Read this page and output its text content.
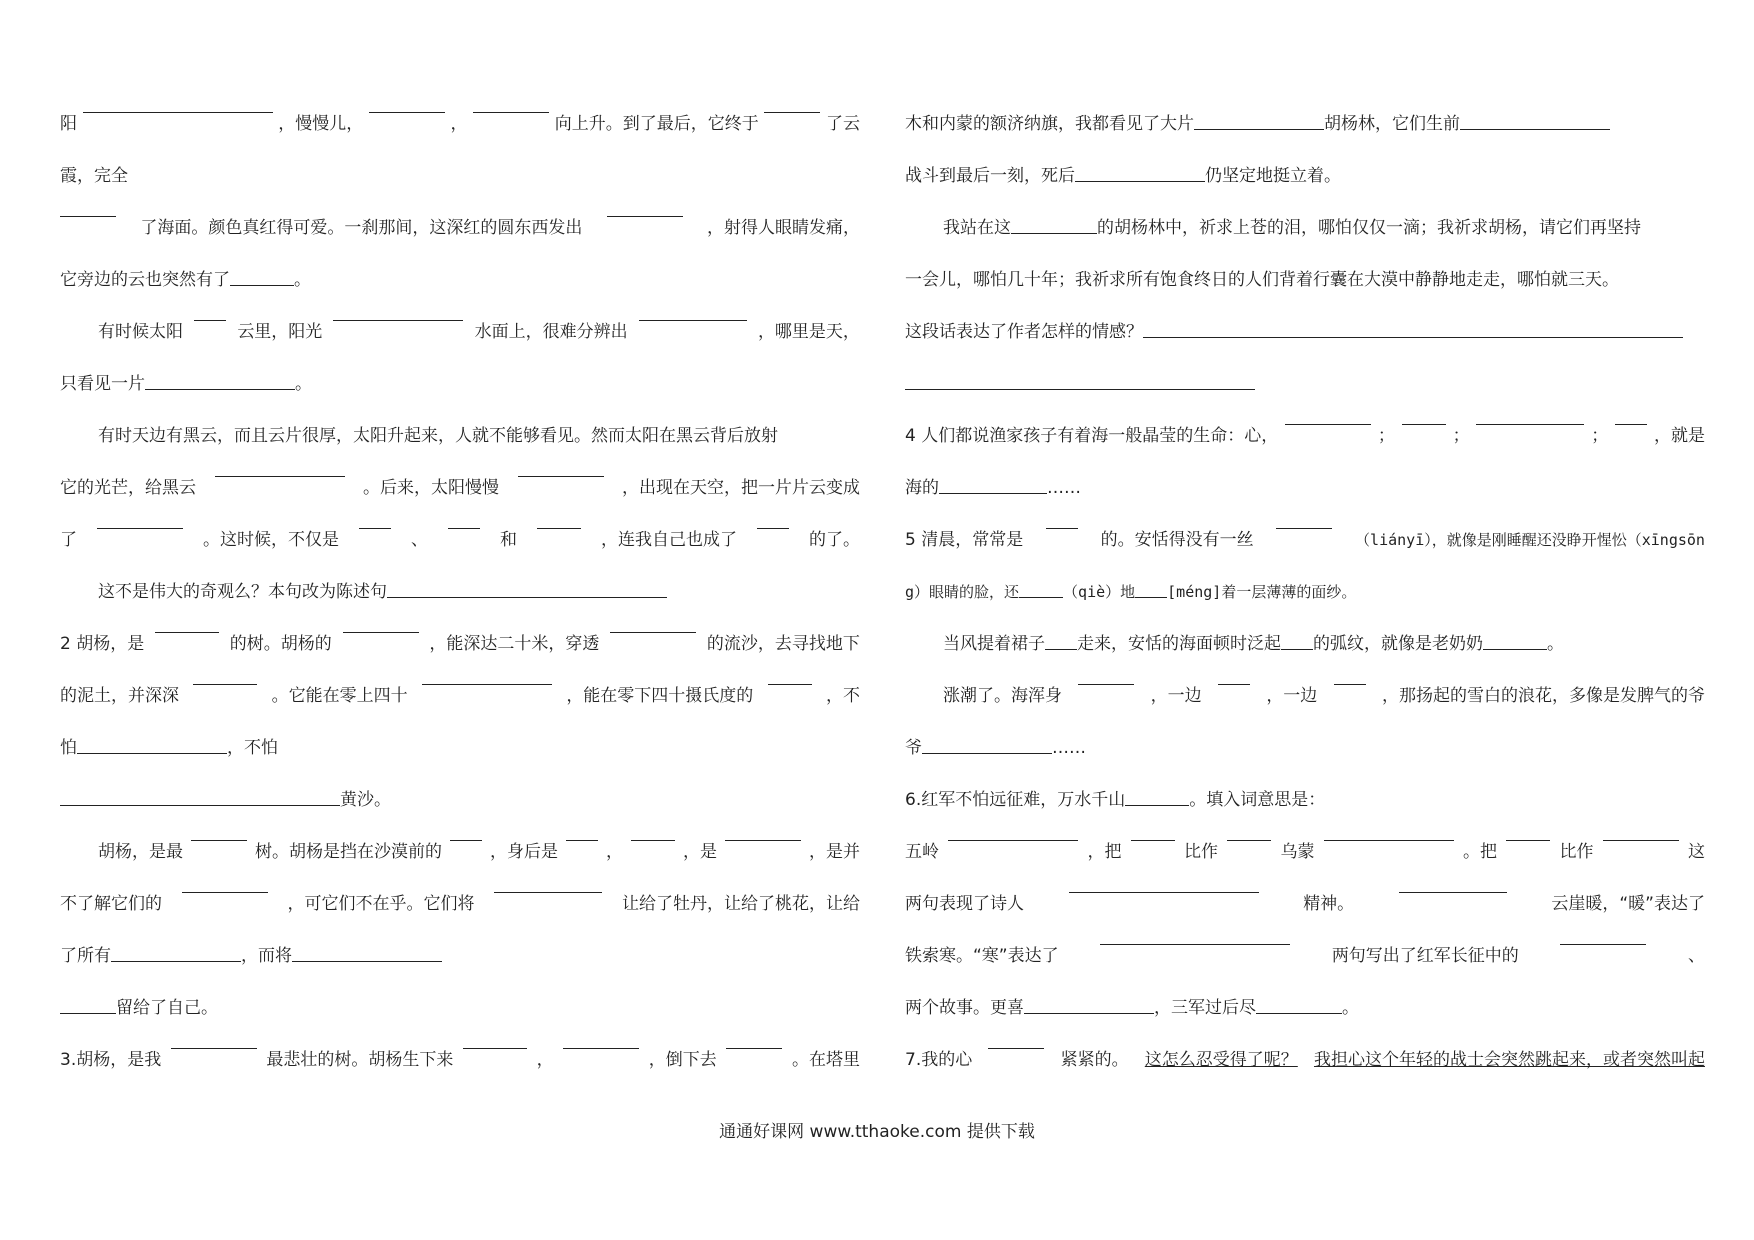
阳	，慢慢儿，	，	向上升。到了最后，它终于	了云
霞，完全
了海面。颜色真红得可爱。一刹那间，这深红的圆东西发出	，射得人眼睛发痛，
它旁边的云也突然有了	。
有时候太阳	云里，阳光	水面上，很难分辨出	，哪里是天，
只看见一片	。
有时天边有黑云，而且云片很厚，太阳升起来，人就不能够看见。然而太阳在黑云背后放射
它的光芒，给黑云	。后来，太阳慢慢	，出现在天空，把一片片云变成
了	。这时候，不仅是	、	和	，连我自己也成了	的了。
这不是伟大的奇观么？本句改为陈述句
2 胡杨，是	的树。胡杨的	，能深达二十米，穿透	的流沙，去寻找地下
的泥土，并深深	。它能在零上四十	，能在零下四十摄氏度的	，不
怕	，不怕
黄沙。
胡杨，是最	树。胡杨是挡在沙漠前的	，身后是	，	，是	，是并
不了解它们的	，可它们不在乎。它们将	让给了牡丹，让给了桃花，让给
了所有	，而将
留给了自己。
3.胡杨，是我	最悲壮的树。胡杨生下来	，	，倒下去	。在塔里
木和内蒙的额济纳旗，我都看见了大片	胡杨林，它们生前
战斗到最后一刻，死后	仍坚定地挺立着。
我站在这	的胡杨林中，祈求上苍的泪，哪怕仅仅一滴；我祈求胡杨，请它们再坚持
一会儿，哪怕几十年；我祈求所有饱食终日的人们背着行囊在大漠中静静地走走，哪怕就三天。
这段话表达了作者怎样的情感？
4 人们都说渔家孩子有着海一般晶莹的生命：心，	；	；	；	，就是
海的	……
5 清晨，常常是	的。安恬得没有一丝	（liányī），就像是刚睡醒还没睁开惺忪（xīngsōn
g）眼睛的脸，还	（qiè）地 [méng]着一层薄薄的面纱。
当风提着裙子 走来，安恬的海面顿时泛起 的弧纹，就像是老奶奶	。
涨潮了。海浑身	，一边	，一边	，那扬起的雪白的浪花，多像是发脾气的爷
爷	……
6.红军不怕远征难，万水千山	。填入词意思是：
五岭	，把	比作	乌蒙	。把	比作	这
两句表现了诗人	精神。	云崖暖，“暖”表达了
铁索寒。“寒”表达了	两句写出了红军长征中的	、
两个故事。更喜	，三军过后尽	。
7.我的心	紧紧的。 这怎么忍受得了呢？ 我担心这个年轻的战士会突然跳起来，或者突然叫起
通通好课网 www.tthaoke.com 提供下载
